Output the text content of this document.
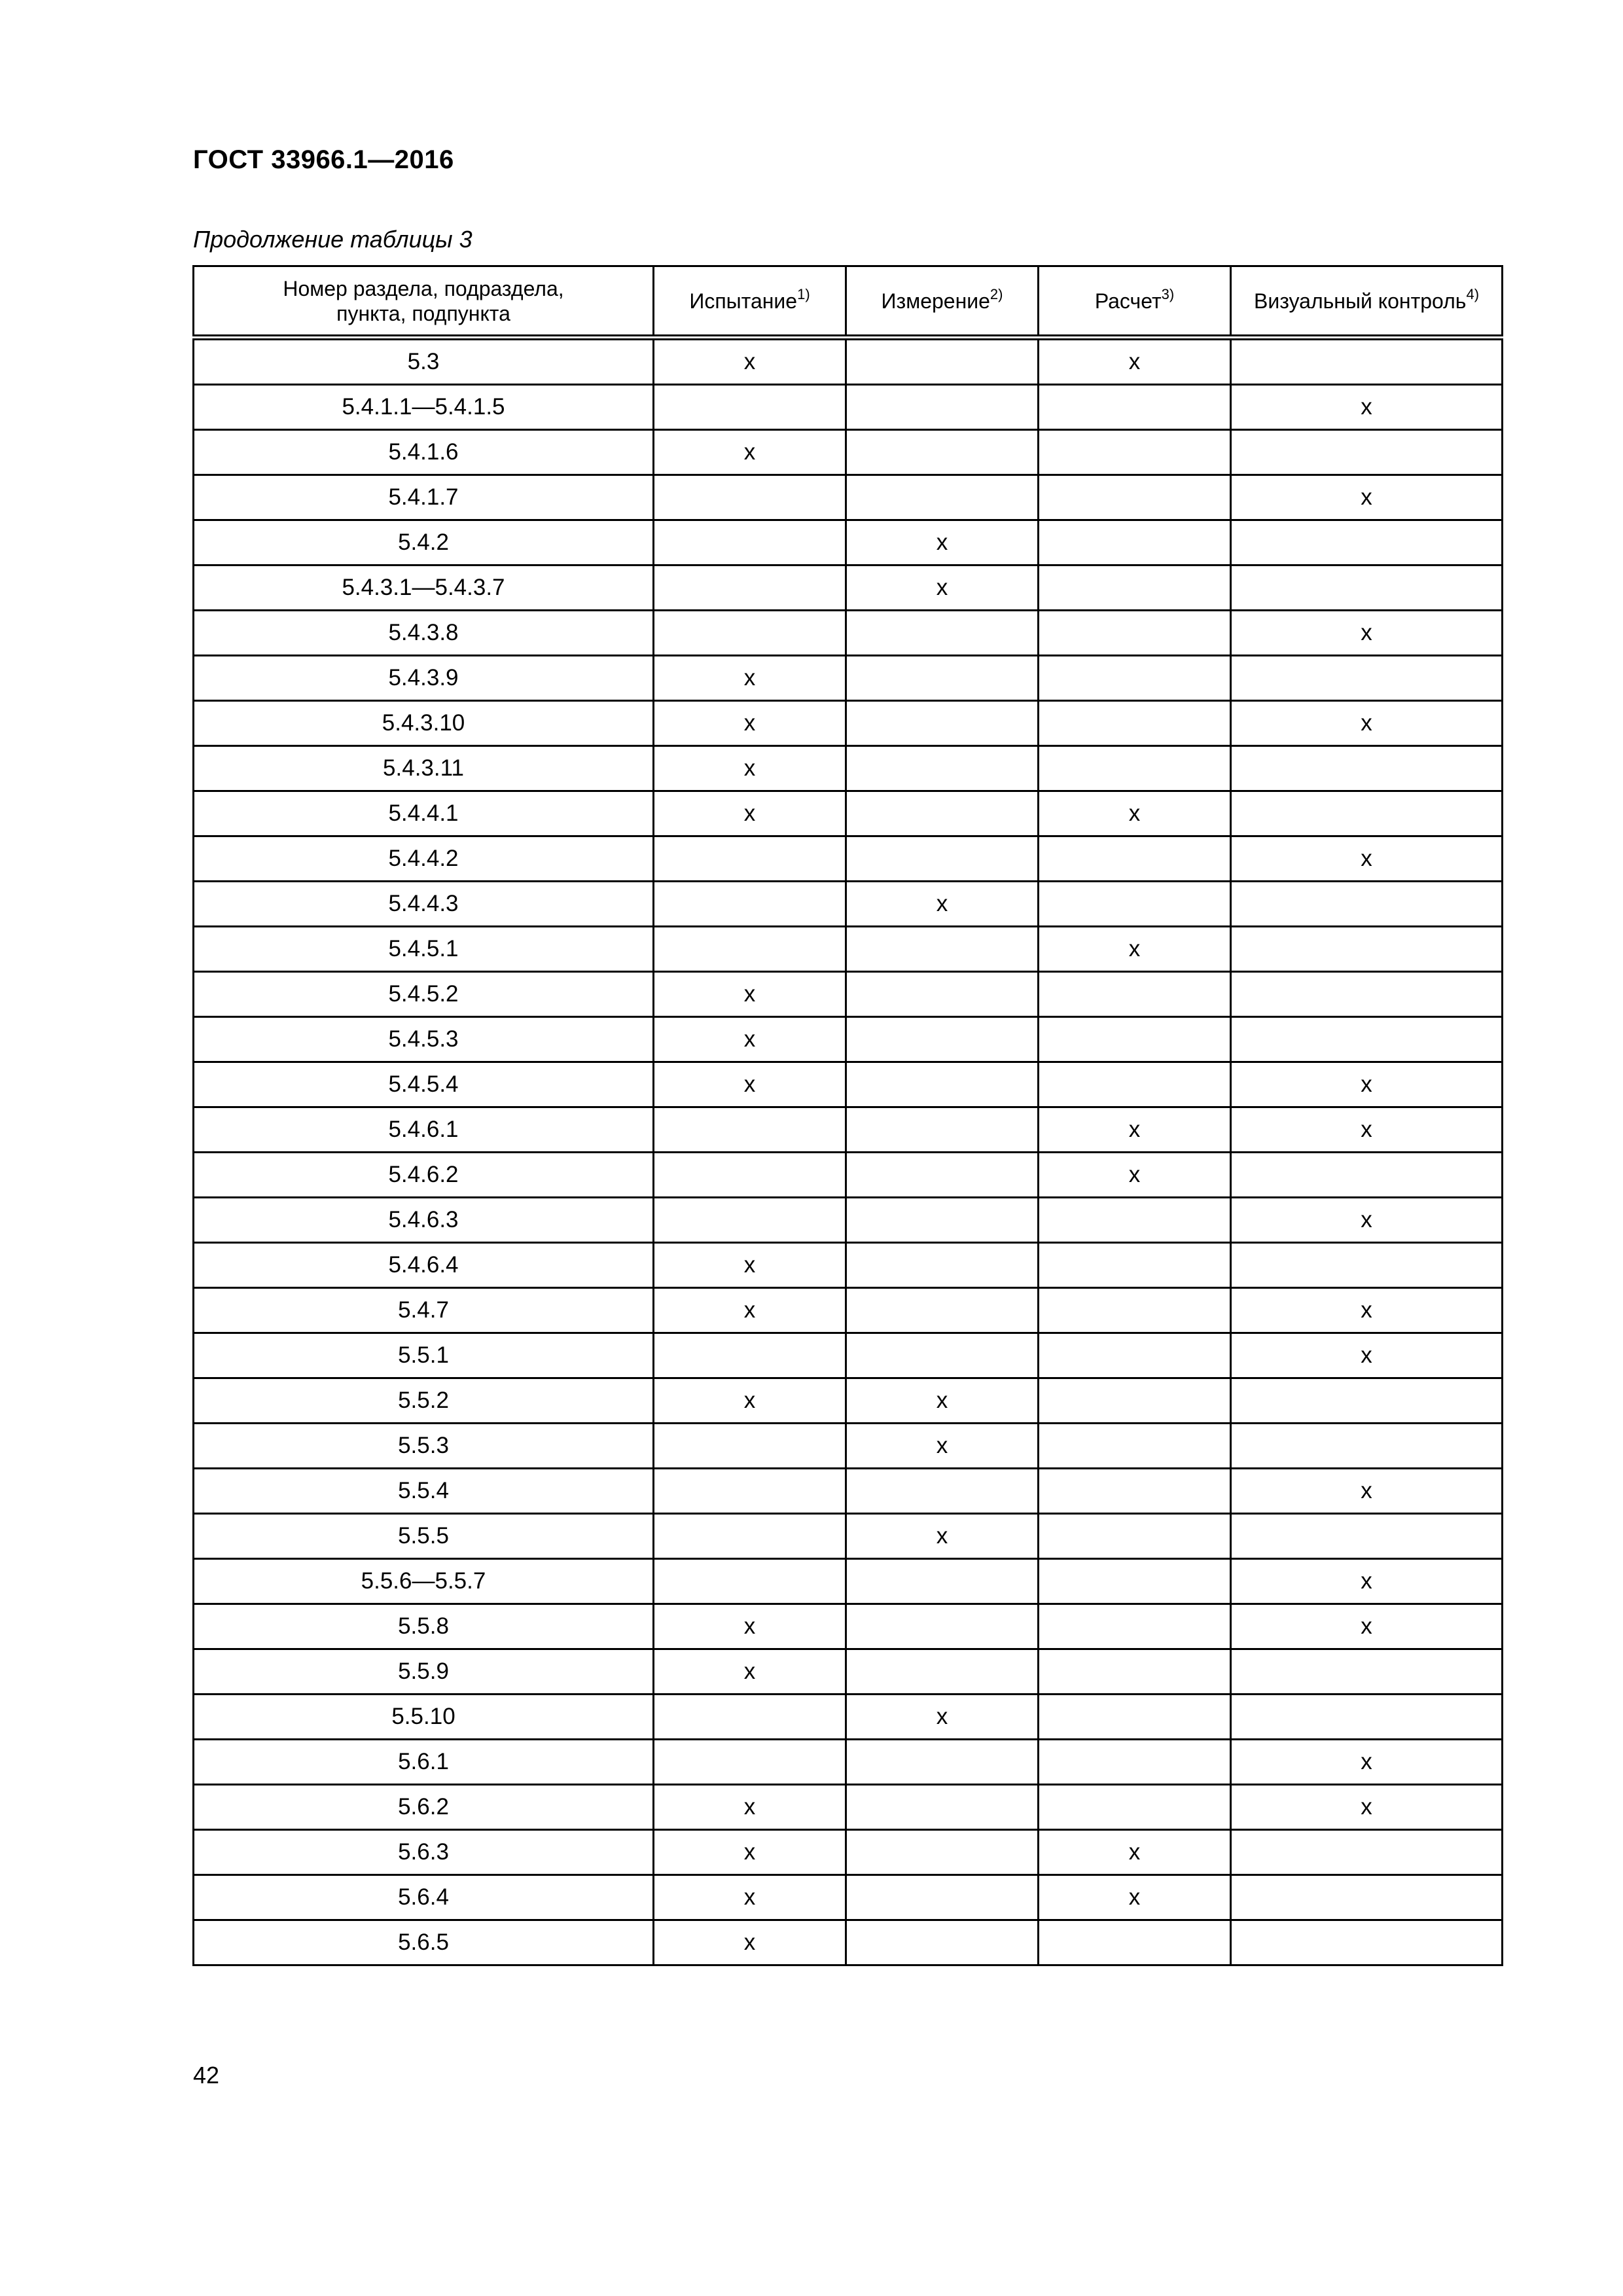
ГОСТ 33966.1—2016
Продолжение таблицы 3
Номер раздела, подраздела, пункта, подпункта	Испытание$^{1)}$	Измерение$^{2)}$	Расчет$^{3)}$	Визуальный контроль$^{4)}$
5.3	x		x	
5.4.1.1—5.4.1.5				x
5.4.1.6	x			
5.4.1.7				x
5.4.2		x		
5.4.3.1—5.4.3.7		x		
5.4.3.8				x
5.4.3.9	x			
5.4.3.10	x			x
5.4.3.11	x			
5.4.4.1	x		x	
5.4.4.2				x
5.4.4.3		x		
5.4.5.1			x	
5.4.5.2	x			
5.4.5.3	x			
5.4.5.4	x			x
5.4.6.1			x	x
5.4.6.2			x	
5.4.6.3				x
5.4.6.4	x			
5.4.7	x			x
5.5.1				x
5.5.2	x	x		
5.5.3		x		
5.5.4				x
5.5.5		x		
5.5.6—5.5.7				x
5.5.8	x			x
5.5.9	x			
5.5.10		x		
5.6.1				x
5.6.2	x			x
5.6.3	x		x	
5.6.4	x		x	
5.6.5	x			
42
